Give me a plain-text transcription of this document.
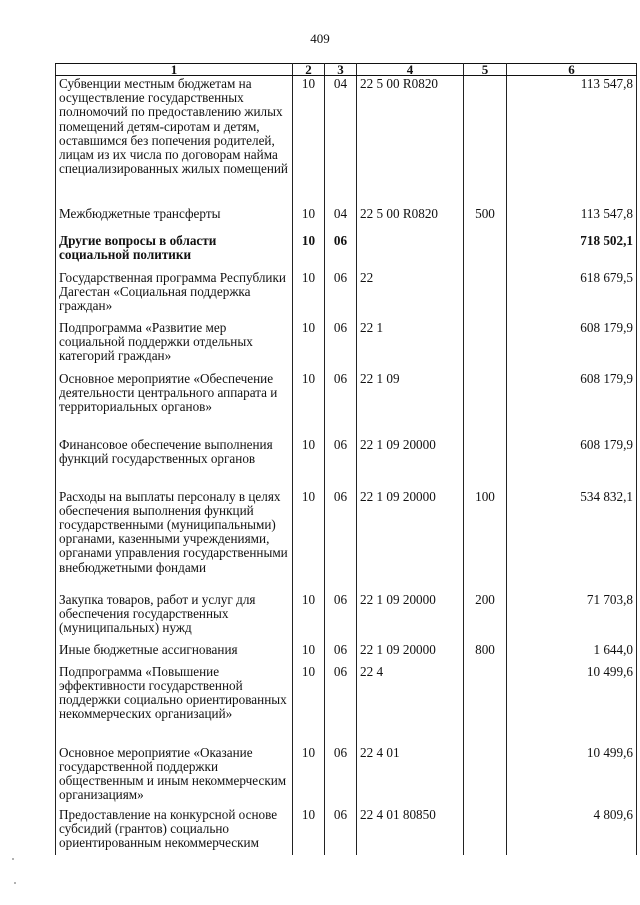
409
1	2	3	4	5	6
Субвенции местным бюджетам на осуществление государственных полномочий по предоставлению жилых помещений детям-сиротам и детям, оставшимся без попечения родителей, лицам из их числа по договорам найма специализированных жилых помещений	10	04	22 5 00 R0820		113 547,8
Межбюджетные трансферты	10	04	22 5 00 R0820	500	113 547,8
Другие вопросы в области социальной политики	10	06			718 502,1
Государственная программа Республики Дагестан «Социальная поддержка граждан»	10	06	22		618 679,5
Подпрограмма «Развитие мер социальной поддержки отдельных категорий граждан»	10	06	22 1		608 179,9
Основное мероприятие «Обеспечение деятельности центрального аппарата и территориальных органов»	10	06	22 1 09		608 179,9
Финансовое обеспечение выполнения функций государственных органов	10	06	22 1 09 20000		608 179,9
Расходы на выплаты персоналу в целях обеспечения выполнения функций государственными (муниципальными) органами, казенными учреждениями, органами управления государственными внебюджетными фондами	10	06	22 1 09 20000	100	534 832,1
Закупка товаров, работ и услуг для обеспечения государственных (муниципальных) нужд	10	06	22 1 09 20000	200	71 703,8
Иные бюджетные ассигнования	10	06	22 1 09 20000	800	1 644,0
Подпрограмма «Повышение эффективности государственной поддержки социально ориентированных некоммерческих организаций»	10	06	22 4		10 499,6
Основное мероприятие «Оказание государственной поддержки общественным и иным некоммерческим организациям»	10	06	22 4 01		10 499,6
Предоставление на конкурсной основе субсидий (грантов) социально ориентированным некоммерческим	10	06	22 4 01 80850		4 809,6
